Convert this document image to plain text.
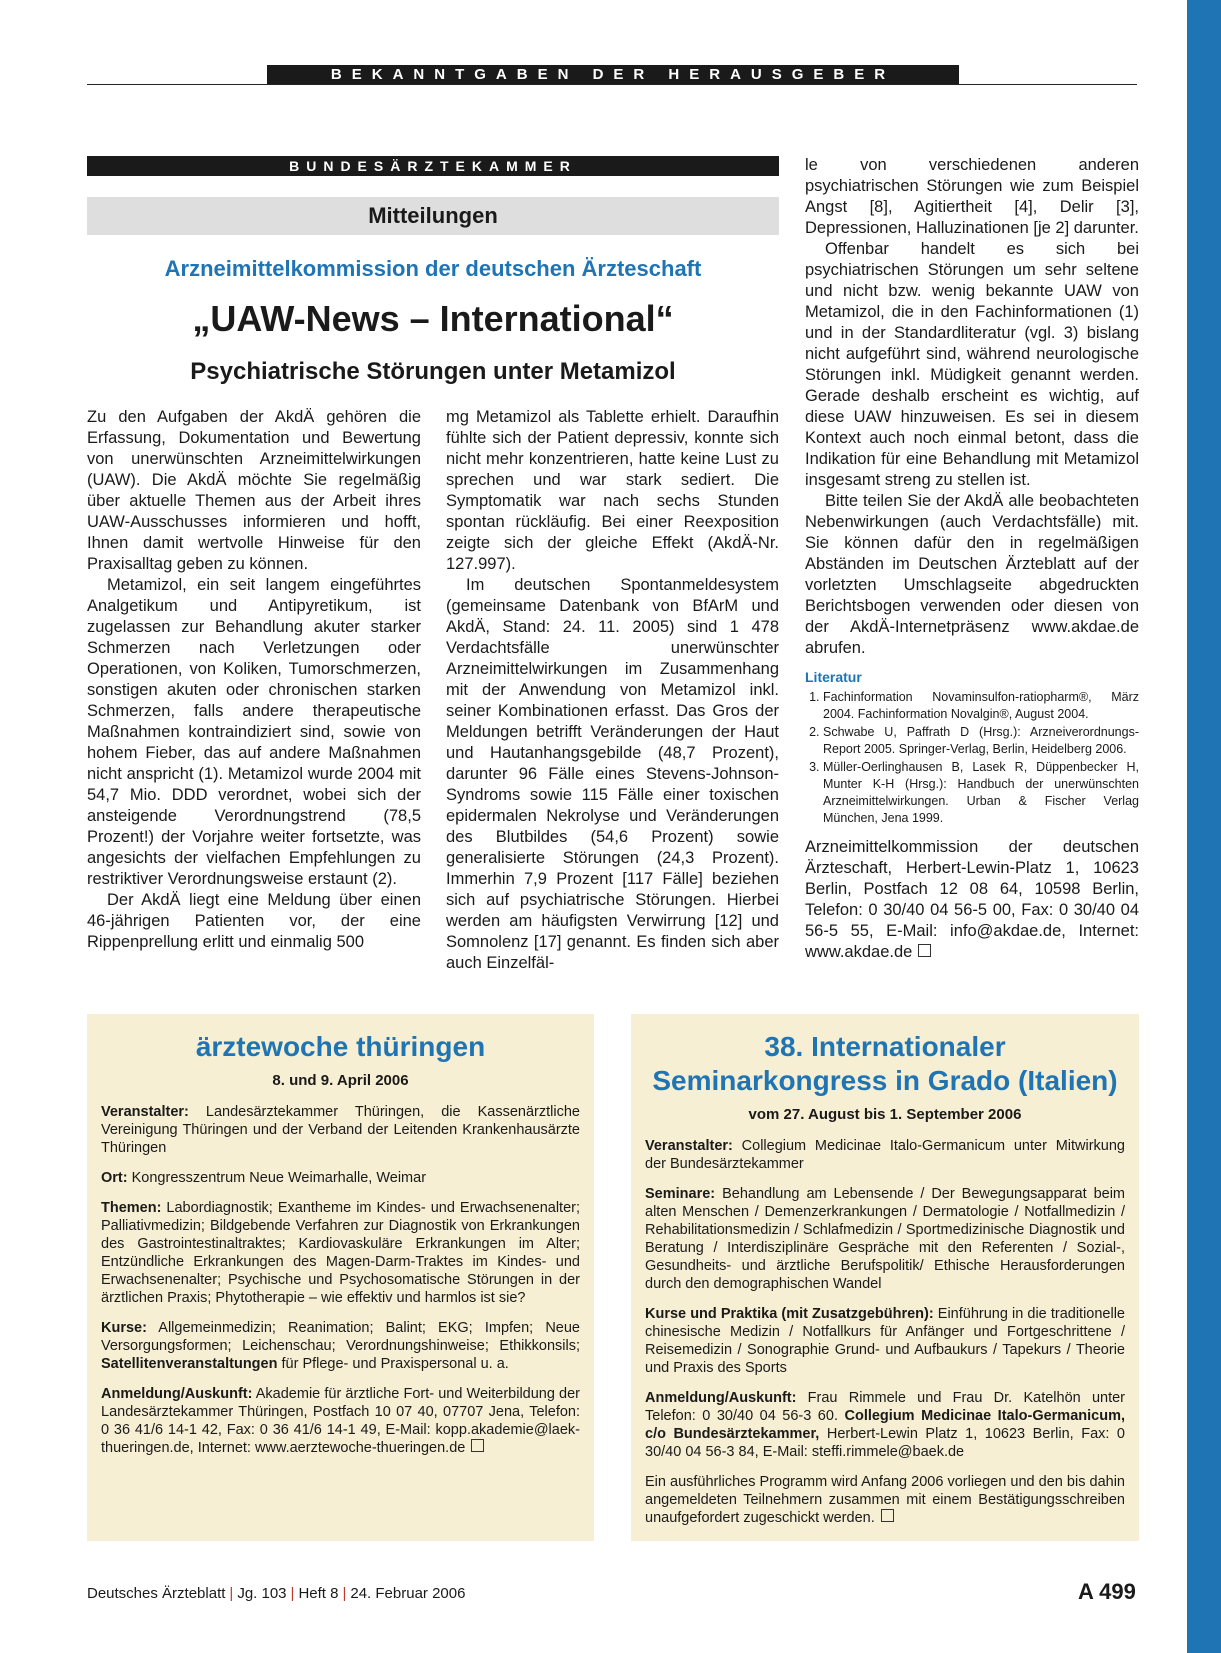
BEKANNTGABEN DER HERAUSGEBER
BUNDESÄRZTEKAMMER
Mitteilungen
Arzneimittelkommission der deutschen Ärzteschaft
„UAW-News – International“
Psychiatrische Störungen unter Metamizol

Zu den Aufgaben der AkdÄ gehören die Erfassung, Dokumentation und Bewertung von unerwünschten Arzneimittelwirkungen (UAW). Die AkdÄ möchte Sie regelmäßig über aktuelle Themen aus der Arbeit ihres UAW-Ausschusses informieren und hofft, Ihnen damit wertvolle Hinweise für den Praxisalltag geben zu können.

Metamizol, ein seit langem eingeführtes Analgetikum und Antipyretikum, ist zugelassen zur Behandlung akuter starker Schmerzen nach Verletzungen oder Operationen, von Koliken, Tumorschmerzen, sonstigen akuten oder chronischen starken Schmerzen, falls andere therapeutische Maßnahmen kontraindiziert sind, sowie von hohem Fieber, das auf andere Maßnahmen nicht anspricht (1). Metamizol wurde 2004 mit 54,7 Mio. DDD verordnet, wobei sich der ansteigende Verordnungstrend (78,5 Prozent!) der Vorjahre weiter fortsetzte, was angesichts der vielfachen Empfehlungen zu restriktiver Verordnungsweise erstaunt (2).

Der AkdÄ liegt eine Meldung über einen 46-jährigen Patienten vor, der eine Rippenprellung erlitt und einmalig 500

mg Metamizol als Tablette erhielt. Daraufhin fühlte sich der Patient depressiv, konnte sich nicht mehr konzentrieren, hatte keine Lust zu sprechen und war stark sediert. Die Symptomatik war nach sechs Stunden spontan rückläufig. Bei einer Reexposition zeigte sich der gleiche Effekt (AkdÄ-Nr. 127.997).

Im deutschen Spontanmeldesystem (gemeinsame Datenbank von BfArM und AkdÄ, Stand: 24. 11. 2005) sind 1 478 Verdachtsfälle unerwünschter Arzneimittelwirkungen im Zusammenhang mit der Anwendung von Metamizol inkl. seiner Kombinationen erfasst. Das Gros der Meldungen betrifft Veränderungen der Haut und Hautanhangsgebilde (48,7 Prozent), darunter 96 Fälle eines Stevens-Johnson-Syndroms sowie 115 Fälle einer toxischen epidermalen Nekrolyse und Veränderungen des Blutbildes (54,6 Prozent) sowie generalisierte Störungen (24,3 Prozent). Immerhin 7,9 Prozent [117 Fälle] beziehen sich auf psychiatrische Störungen. Hierbei werden am häufigsten Verwirrung [12] und Somnolenz [17] genannt. Es finden sich aber auch Einzelfäl-

le von verschiedenen anderen psychiatrischen Störungen wie zum Beispiel Angst [8], Agitiertheit [4], Delir [3], Depressionen, Halluzinationen [je 2] darunter.

Offenbar handelt es sich bei psychiatrischen Störungen um sehr seltene und nicht bzw. wenig bekannte UAW von Metamizol, die in den Fachinformationen (1) und in der Standardliteratur (vgl. 3) bislang nicht aufgeführt sind, während neurologische Störungen inkl. Müdigkeit genannt werden. Gerade deshalb erscheint es wichtig, auf diese UAW hinzuweisen. Es sei in diesem Kontext auch noch einmal betont, dass die Indikation für eine Behandlung mit Metamizol insgesamt streng zu stellen ist.

Bitte teilen Sie der AkdÄ alle beobachteten Nebenwirkungen (auch Verdachtsfälle) mit. Sie können dafür den in regelmäßigen Abständen im Deutschen Ärzteblatt auf der vorletzten Umschlagseite abgedruckten Berichtsbogen verwenden oder diesen von der AkdÄ-Internetpräsenz www.akdae.de abrufen.

Literatur
1. Fachinformation Novaminsulfon-ratiopharm®, März 2004. Fachinformation Novalgin®, August 2004.
2. Schwabe U, Paffrath D (Hrsg.): Arzneiverordnungs-Report 2005. Springer-Verlag, Berlin, Heidelberg 2006.
3. Müller-Oerlinghausen B, Lasek R, Düppenbecker H, Munter K-H (Hrsg.): Handbuch der unerwünschten Arzneimittelwirkungen. Urban & Fischer Verlag München, Jena 1999.
Arzneimittelkommission der deutschen Ärzteschaft, Herbert-Lewin-Platz 1, 10623 Berlin, Postfach 12 08 64, 10598 Berlin, Telefon: 0 30/40 04 56-5 00, Fax: 0 30/40 04 56-5 55, E-Mail: info@akdae.de, Internet: www.akdae.de
ärztewoche thüringen
8. und 9. April 2006

Veranstalter: Landesärztekammer Thüringen, die Kassenärztliche Vereinigung Thüringen und der Verband der Leitenden Krankenhausärzte Thüringen

Ort: Kongresszentrum Neue Weimarhalle, Weimar

Themen: Labordiagnostik; Exantheme im Kindes- und Erwachsenenalter; Palliativmedizin; Bildgebende Verfahren zur Diagnostik von Erkrankungen des Gastrointestinaltraktes; Kardiovaskuläre Erkrankungen im Alter; Entzündliche Erkrankungen des Magen-Darm-Traktes im Kindes- und Erwachsenenalter; Psychische und Psychosomatische Störungen in der ärztlichen Praxis; Phytotherapie – wie effektiv und harmlos ist sie?

Kurse: Allgemeinmedizin; Reanimation; Balint; EKG; Impfen; Neue Versorgungsformen; Leichenschau; Verordnungshinweise; Ethikkonsils; Satellitenveranstaltungen für Pflege- und Praxispersonal u. a.

Anmeldung/Auskunft: Akademie für ärztliche Fort- und Weiterbildung der Landesärztekammer Thüringen, Postfach 10 07 40, 07707 Jena, Telefon: 0 36 41/6 14-1 42, Fax: 0 36 41/6 14-1 49, E-Mail: kopp.akademie@laek-thueringen.de, Internet: www.aerztewoche-thueringen.de

38. Internationaler Seminarkongress in Grado (Italien)
vom 27. August bis 1. September 2006

Veranstalter: Collegium Medicinae Italo-Germanicum unter Mitwirkung der Bundesärztekammer

Seminare: Behandlung am Lebensende / Der Bewegungsapparat beim alten Menschen / Demenzerkrankungen / Dermatologie / Notfallmedizin / Rehabilitationsmedizin / Schlafmedizin / Sportmedizinische Diagnostik und Beratung / Interdisziplinäre Gespräche mit den Referenten / Sozial-, Gesundheits- und ärztliche Berufspolitik/ Ethische Herausforderungen durch den demographischen Wandel

Kurse und Praktika (mit Zusatzgebühren): Einführung in die traditionelle chinesische Medizin / Notfallkurs für Anfänger und Fortgeschrittene / Reisemedizin / Sonographie Grund- und Aufbaukurs / Tapekurs / Theorie und Praxis des Sports

Anmeldung/Auskunft: Frau Rimmele und Frau Dr. Katelhön unter Telefon: 0 30/40 04 56-3 60. Collegium Medicinae Italo-Germanicum, c/o Bundesärztekammer, Herbert-Lewin Platz 1, 10623 Berlin, Fax: 0 30/40 04 56-3 84, E-Mail: steffi.rimmele@baek.de

Ein ausführliches Programm wird Anfang 2006 vorliegen und den bis dahin angemeldeten Teilnehmern zusammen mit einem Bestätigungsschreiben unaufgefordert zugeschickt werden.

Deutsches Ärzteblatt | Jg. 103 | Heft 8 | 24. Februar 2006	A 499
